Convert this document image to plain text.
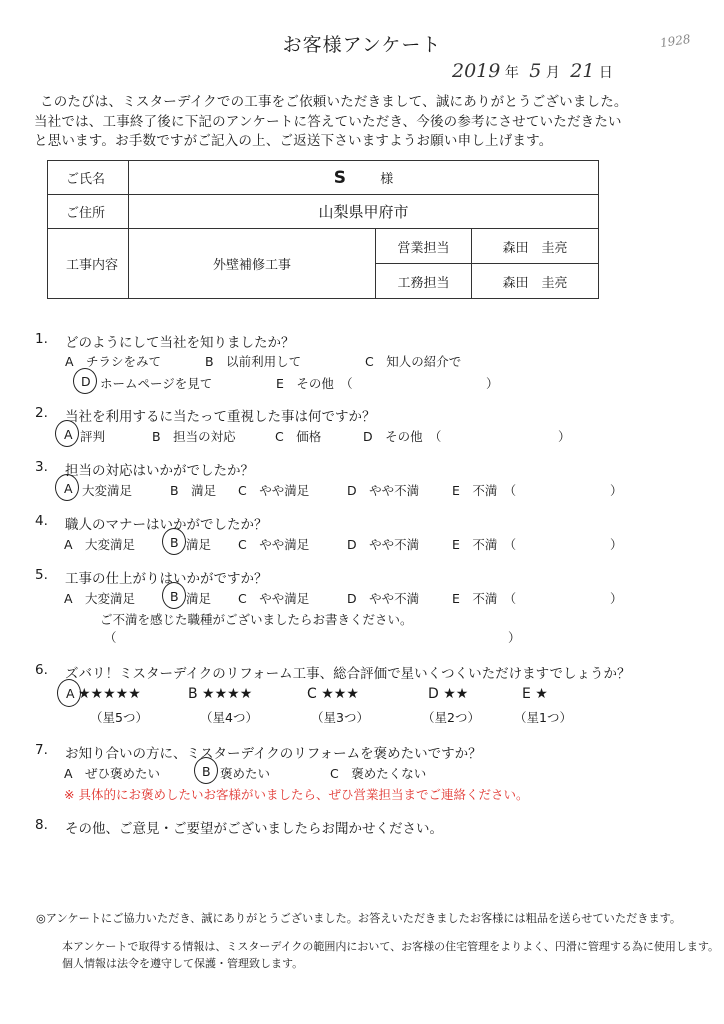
お客様アンケート	1928
2019 年 5 月 21 日
このたびは、ミスターデイクでの工事をご依頼いただきまして、誠にありがとうございました。
当社では、工事終了後に下記のアンケートに答えていただき、今後の参考にさせていただきたい
と思います。お手数ですがご記入の上、ご返送下さいますようお願い申し上げます。
ご氏名	S 様		
ご住所	山梨県甲府市		
工事内容	外壁補修工事	営業担当	森田　圭亮
		工務担当	森田　圭亮
1. どのようにして当社を知りましたか？
A　チラシをみて	B　以前利用して	C　知人の紹介で
D ホームページを見て	E　その他　（	）
2. 当社を利用するに当たって重視した事は何ですか？
A 評判	B　担当の対応	C　価格	D　その他　（	）
3. 担当の対応はいかがでしたか？
A 大変満足	B　満足 C　やや満足	D　やや不満	E　不満　（	）
4. 職人のマナーはいかがでしたか？
A　大変満足	B 満足 C　やや満足	D　やや不満	E　不満　（	）
5. 工事の仕上がりはいかがですか？
A　大変満足	B 満足 C　やや満足	D　やや不満	E　不満　（	）
ご不満を感じた職種がございましたらお書きください。
（	）
6. ズバリ！ミスターデイクのリフォーム工事、総合評価で星いくつくいただけますでしょうか？
A ★★★★★	B ★★★★	C ★★★	D ★★	E ★
（星5つ）	（星4つ）	（星3つ）	（星2つ）	（星1つ）
7. お知り合いの方に、ミスターデイクのリフォームを褒めたいですか？
A　ぜひ褒めたい	B 褒めたい	C　褒めたくない
※ 具体的にお褒めしたいお客様がいましたら、ぜひ営業担当までご連絡ください。
8. その他、ご意見・ご要望がございましたらお聞かせください。
◎アンケートにご協力いただき、誠にありがとうございました。お答えいただきましたお客様には粗品を送らせていただきます。
本アンケートで取得する情報は、ミスターデイクの範囲内において、お客様の住宅管理をよりよく、円滑に管理する為に使用します。
個人情報は法令を遵守して保護・管理致します。
